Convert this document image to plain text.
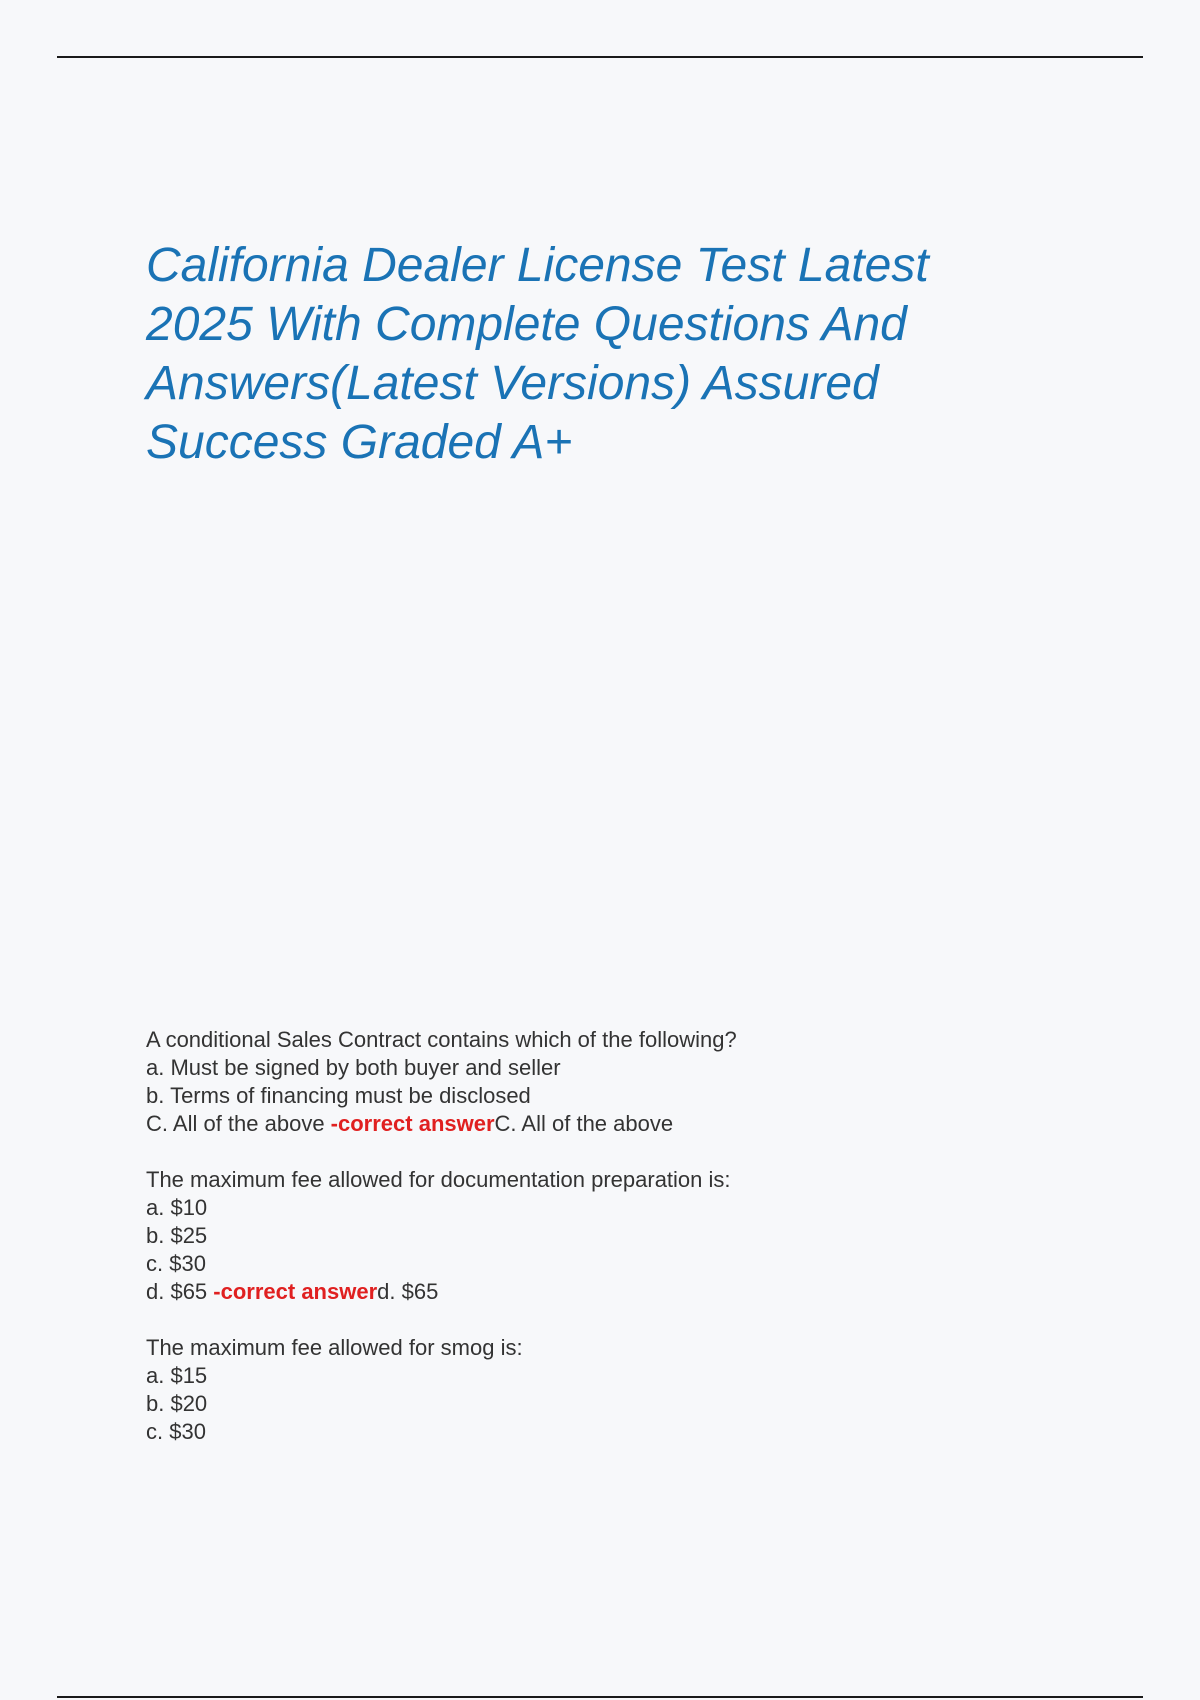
California Dealer License Test Latest
2025 With Complete Questions And
Answers(Latest Versions) Assured
Success Graded A+
A conditional Sales Contract contains which of the following?
a. Must be signed by both buyer and seller
b. Terms of financing must be disclosed
C. All of the above -correct answerC. All of the above
The maximum fee allowed for documentation preparation is:
a. $10
b. $25
c. $30
d. $65 -correct answerd. $65
The maximum fee allowed for smog is:
a. $15
b. $20
c. $30
